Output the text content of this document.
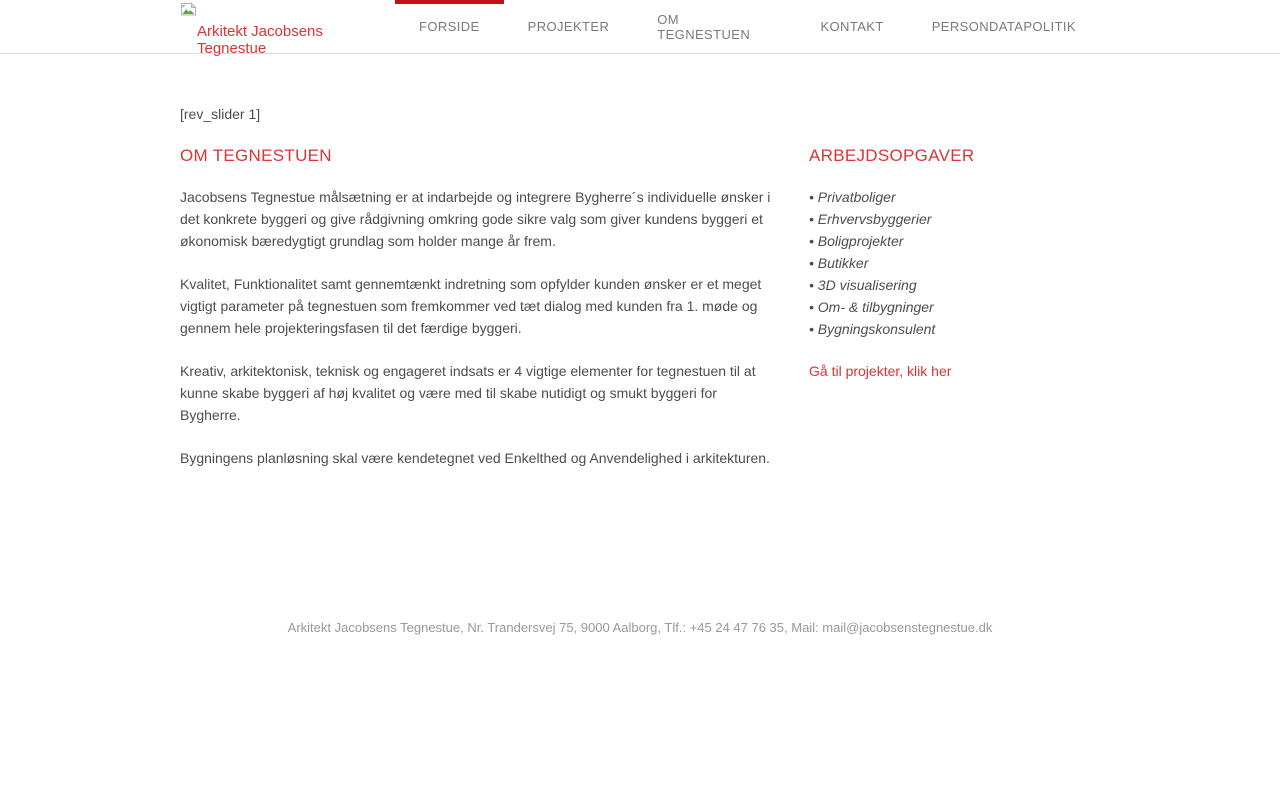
Arkitekt Jacobsens Tegnestue
FORSIDE	PROJEKTER	OM TEGNESTUEN	KONTAKT	PERSONDATAPOLITIK
[rev_slider 1]
OM TEGNESTUEN

Jacobsens Tegnestue målsætning er at indarbejde og integrere Bygherre´s individuelle ønsker i det konkrete byggeri og give rådgivning omkring gode sikre valg som giver kundens byggeri et økonomisk bæredygtigt grundlag som holder mange år frem.

Kvalitet, Funktionalitet samt gennemtænkt indretning som opfylder kunden ønsker er et meget vigtigt parameter på tegnestuen som fremkommer ved tæt dialog med kunden fra 1. møde og gennem hele projekteringsfasen til det færdige byggeri.

Kreativ, arkitektonisk, teknisk og engageret indsats er 4 vigtige elementer for tegnestuen til at kunne skabe byggeri af høj kvalitet og være med til skabe nutidigt og smukt byggeri for Bygherre.

Bygningens planløsning skal være kendetegnet ved Enkelthed og Anvendelighed i arkitekturen.

ARBEJDSOPGAVER
• Privatboliger
• Erhvervsbyggerier
• Boligprojekter
• Butikker
• 3D visualisering
• Om- & tilbygninger
• Bygningskonsulent
Gå til projekter, klik her
Arkitekt Jacobsens Tegnestue, Nr. Trandersvej 75, 9000 Aalborg, Tlf.: +45 24 47 76 35, Mail: mail@jacobsenstegnestue.dk
